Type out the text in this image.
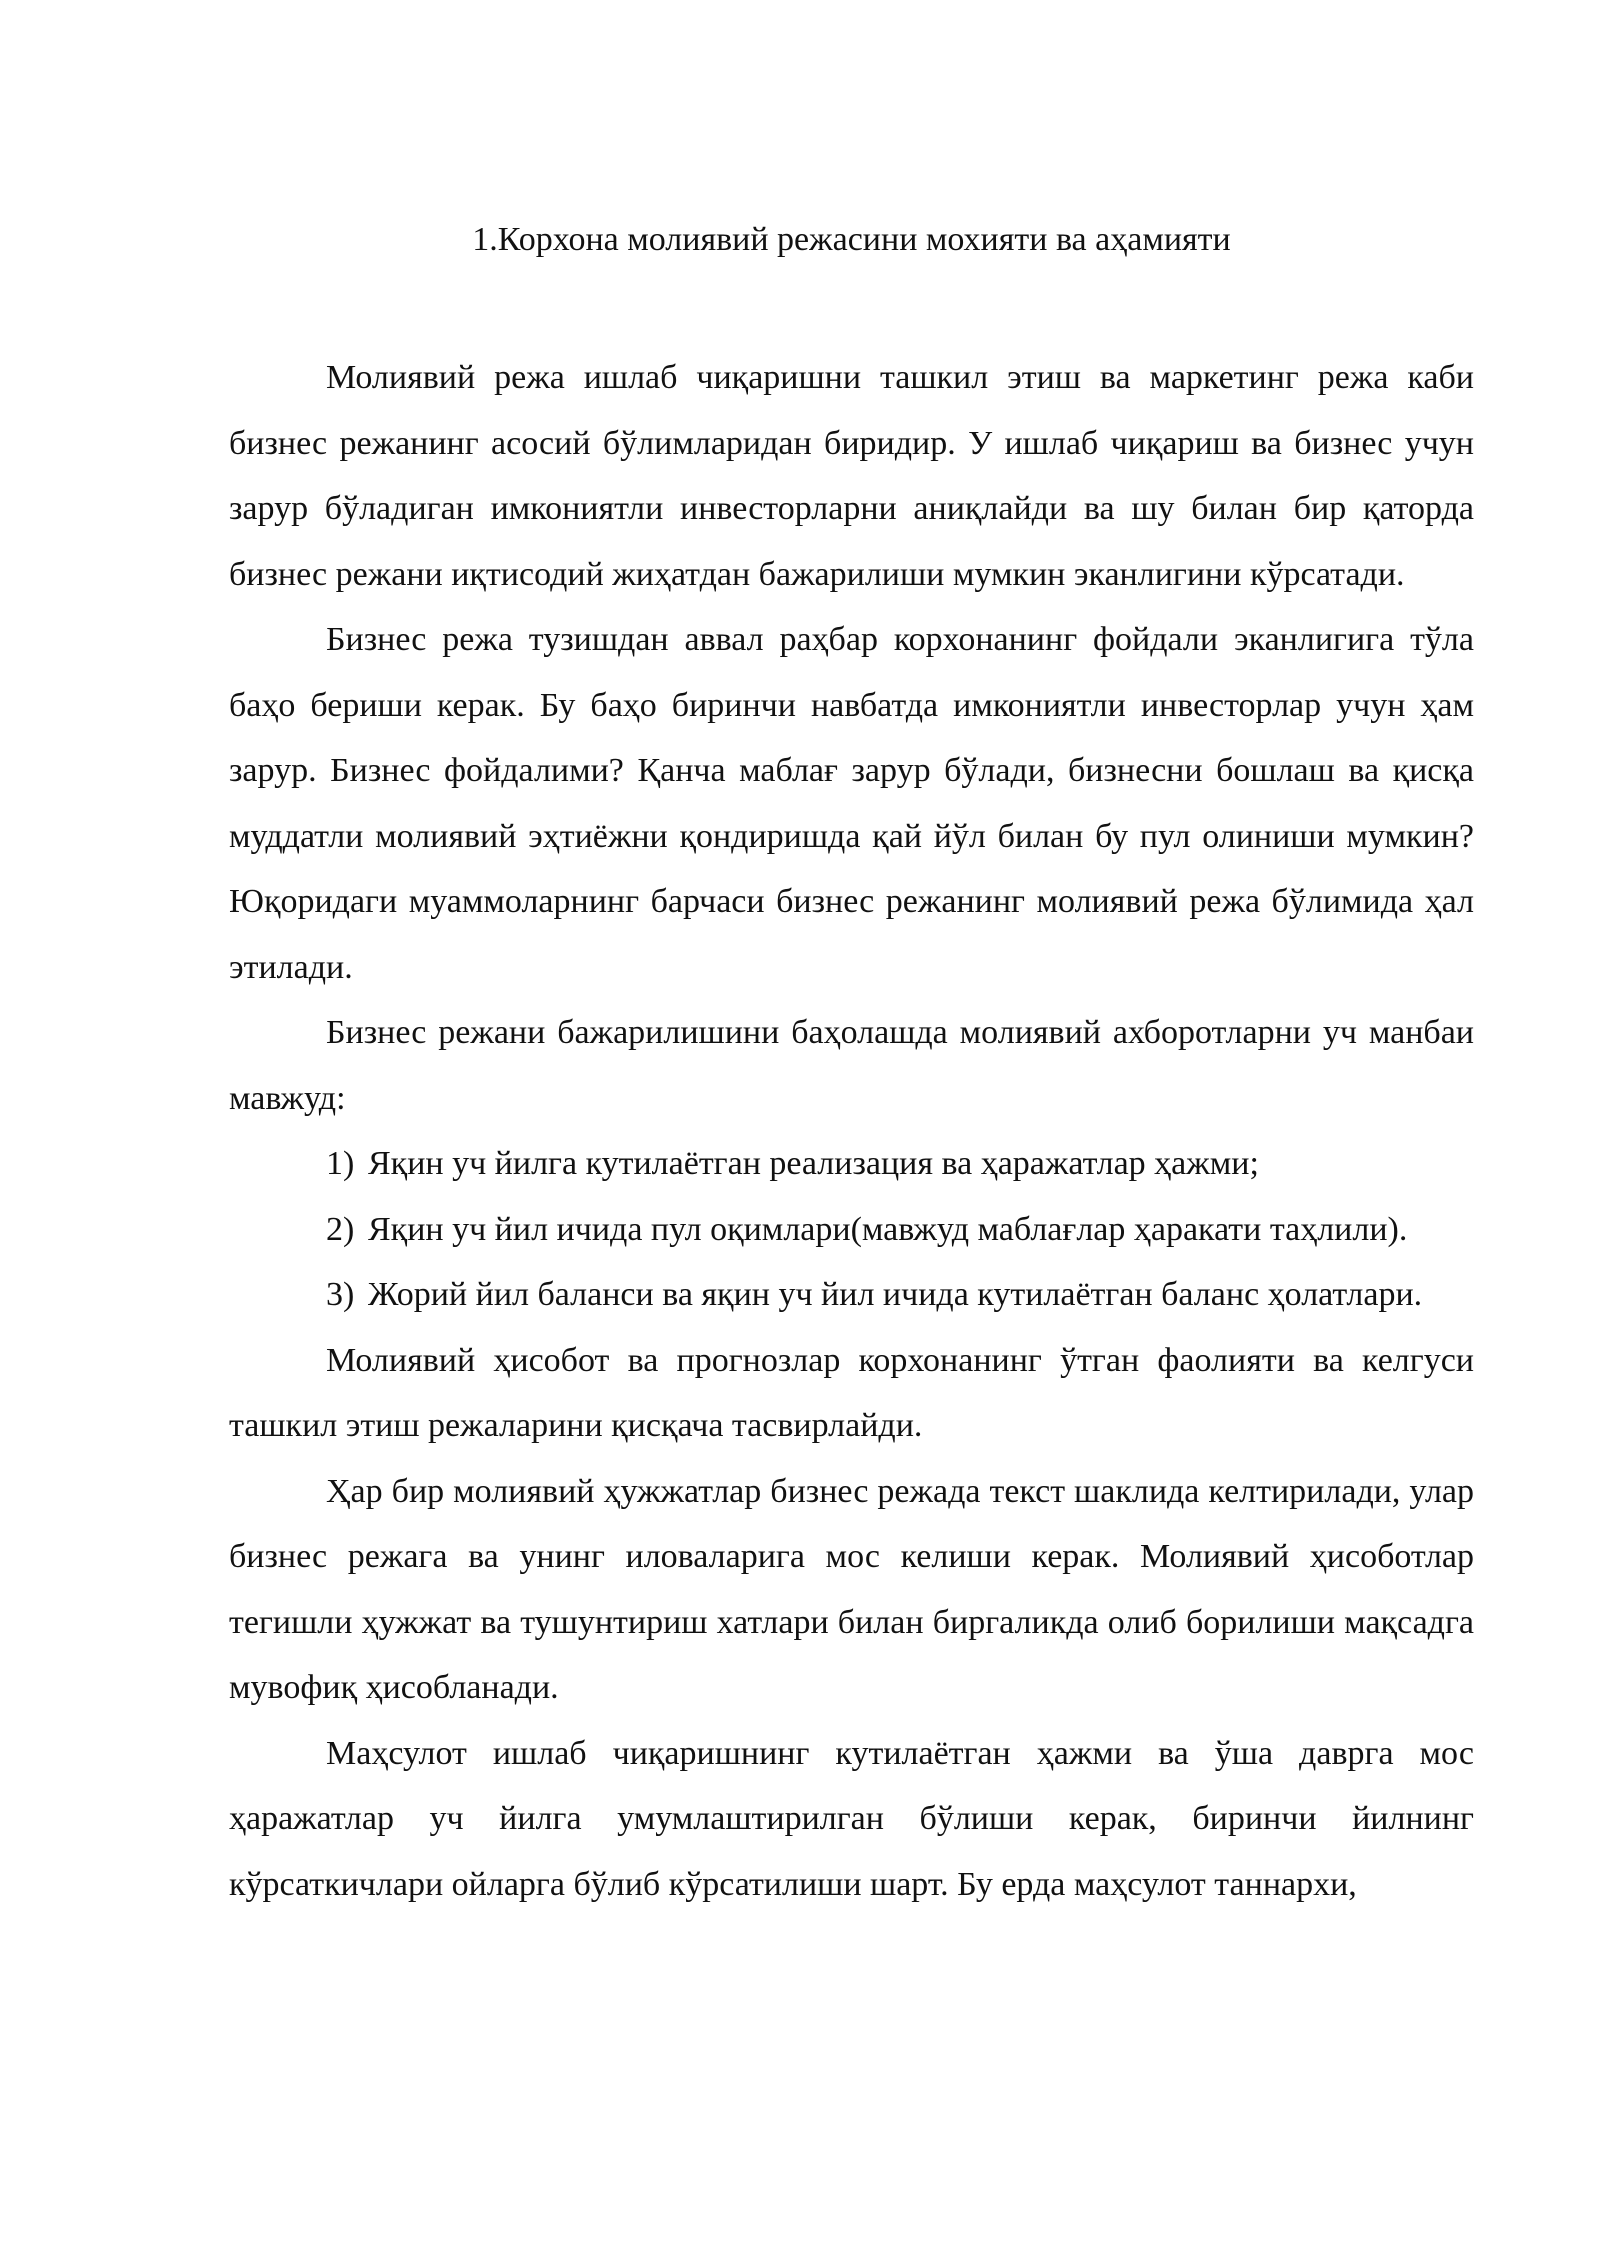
1.Корхона молиявий режасини мохияти ва аҳамияти

Молиявий режа ишлаб чиқаришни ташкил этиш ва маркетинг режа каби бизнес режанинг асосий бўлимларидан биридир. У ишлаб чиқариш ва бизнес учун зарур бўладиган имкониятли инвесторларни аниқлайди ва шу билан бир қаторда бизнес режани иқтисодий жиҳатдан бажарилиши мумкин эканлигини кўрсатади.

Бизнес режа тузишдан аввал раҳбар корхонанинг фойдали эканлигига тўла баҳо бериши керак. Бу баҳо биринчи навбатда имкониятли инвесторлар учун ҳам зарур. Бизнес фойдалими? Қанча маблағ зарур бўлади, бизнесни бошлаш ва қисқа муддатли молиявий эҳтиёжни қондиришда қай йўл билан бу пул олиниши мумкин? Юқоридаги муаммоларнинг барчаси бизнес режанинг молиявий режа бўлимида ҳал этилади.

Бизнес режани бажарилишини баҳолашда молиявий ахборотларни уч манбаи мавжуд:

1) Яқин уч йилга кутилаётган реализация ва ҳаражатлар ҳажми;
2) Яқин уч йил ичида пул оқимлари(мавжуд маблағлар ҳаракати таҳлили).
3) Жорий йил баланси ва яқин уч йил ичида кутилаётган баланс ҳолатлари.

Молиявий ҳисобот ва прогнозлар корхонанинг ўтган фаолияти ва келгуси ташкил этиш режаларини қисқача тасвирлайди.

Ҳар бир молиявий ҳужжатлар бизнес режада текст шаклида келтирилади, улар бизнес режага ва унинг иловаларига мос келиши керак. Молиявий ҳисоботлар тегишли ҳужжат ва тушунтириш хатлари билан биргаликда олиб борилиши мақсадга мувофиқ ҳисобланади.

Маҳсулот ишлаб чиқаришнинг кутилаётган ҳажми ва ўша даврга мос ҳаражатлар уч йилга умумлаштирилган бўлиши керак, биринчи йилнинг кўрсаткичлари ойларга бўлиб кўрсатилиши шарт. Бу ерда маҳсулот таннархи,
